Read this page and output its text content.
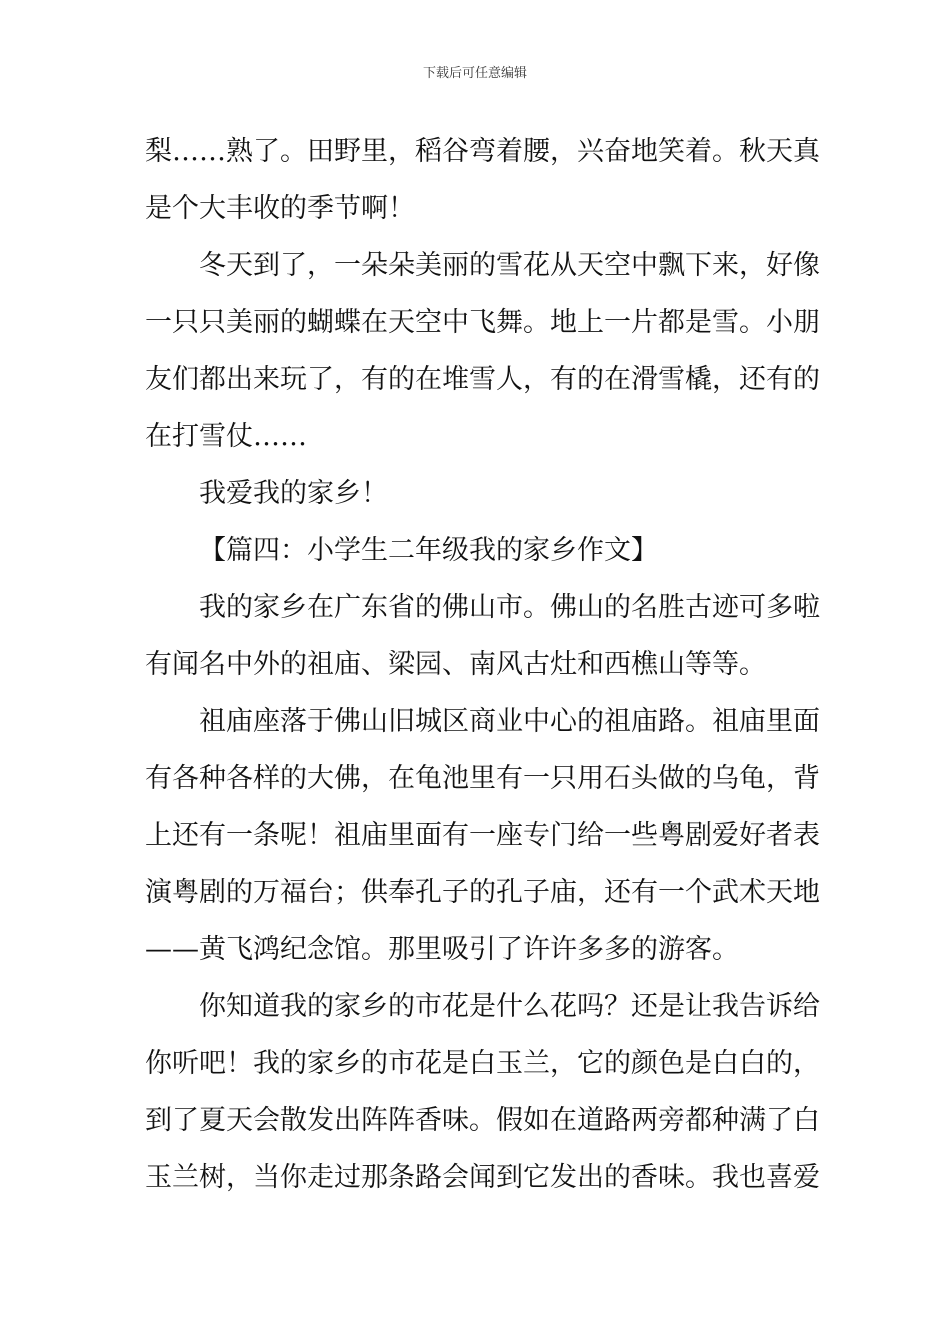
下载后可任意编辑
梨……熟了。田野里，稻谷弯着腰，兴奋地笑着。秋天真
是个大丰收的季节啊！
冬天到了，一朵朵美丽的雪花从天空中飘下来，好像
一只只美丽的蝴蝶在天空中飞舞。地上一片都是雪。小朋
友们都出来玩了，有的在堆雪人，有的在滑雪橇，还有的
在打雪仗……
我爱我的家乡！
【篇四：小学生二年级我的家乡作文】
我的家乡在广东省的佛山市。佛山的名胜古迹可多啦
有闻名中外的祖庙、梁园、南风古灶和西樵山等等。
祖庙座落于佛山旧城区商业中心的祖庙路。祖庙里面
有各种各样的大佛，在龟池里有一只用石头做的乌龟，背
上还有一条呢！祖庙里面有一座专门给一些粤剧爱好者表
演粤剧的万福台；供奉孔子的孔子庙，还有一个武术天地
——黄飞鸿纪念馆。那里吸引了许许多多的游客。
你知道我的家乡的市花是什么花吗？还是让我告诉给
你听吧！我的家乡的市花是白玉兰，它的颜色是白白的，
到了夏天会散发出阵阵香味。假如在道路两旁都种满了白
玉兰树，当你走过那条路会闻到它发出的香味。我也喜爱
